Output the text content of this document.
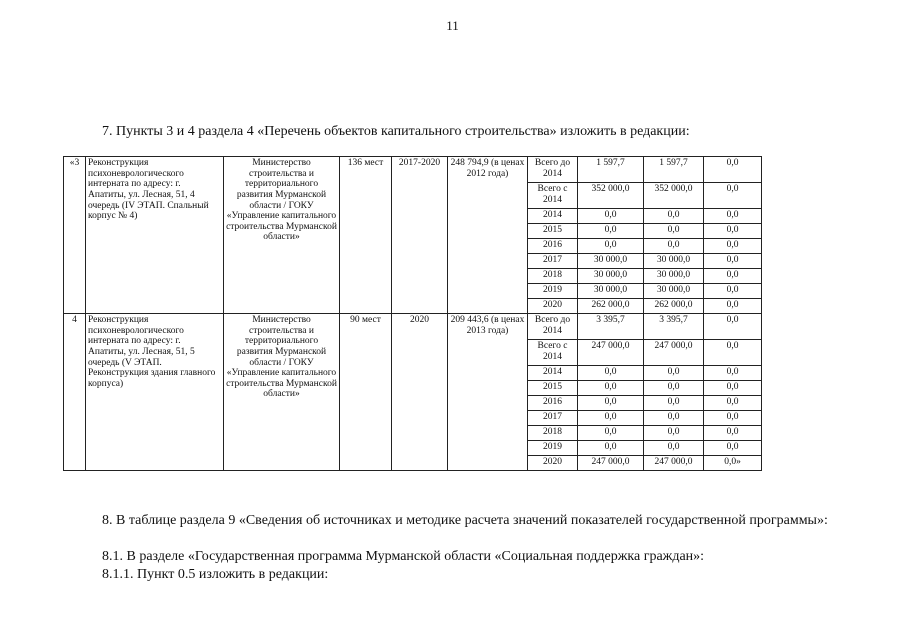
11
7. Пункты 3 и 4 раздела 4 «Перечень объектов капитального строительства» изложить в редакции:
«3	Реконструкция психоневрологического интерната по адресу: г. Апатиты, ул. Лесная, 51, 4 очередь (IV ЭТАП. Спальный корпус № 4)	Министерство строительства и территориального развития Мурманской области / ГОКУ «Управление капитального строительства Мурманской области»	136 мест	2017-2020	248 794,9 (в ценах 2012 года)	Всего до 2014	1 597,7	1 597,7	0,0
						Всего с 2014	352 000,0	352 000,0	0,0
						2014	0,0	0,0	0,0
						2015	0,0	0,0	0,0
						2016	0,0	0,0	0,0
						2017	30 000,0	30 000,0	0,0
						2018	30 000,0	30 000,0	0,0
						2019	30 000,0	30 000,0	0,0
						2020	262 000,0	262 000,0	0,0
4	Реконструкция психоневрологического интерната по адресу: г. Апатиты, ул. Лесная, 51, 5 очередь (V ЭТАП. Реконструкция здания главного корпуса)	Министерство строительства и территориального развития Мурманской области / ГОКУ «Управление капитального строительства Мурманской области»	90 мест	2020	209 443,6 (в ценах 2013 года)	Всего до 2014	3 395,7	3 395,7	0,0
						Всего с 2014	247 000,0	247 000,0	0,0
						2014	0,0	0,0	0,0
						2015	0,0	0,0	0,0
						2016	0,0	0,0	0,0
						2017	0,0	0,0	0,0
						2018	0,0	0,0	0,0
						2019	0,0	0,0	0,0
						2020	247 000,0	247 000,0	0,0»
8. В таблице раздела 9 «Сведения об источниках и методике расчета значений показателей государственной программы»:
8.1. В разделе «Государственная программа Мурманской области «Социальная поддержка граждан»:
8.1.1. Пункт 0.5 изложить в редакции:
